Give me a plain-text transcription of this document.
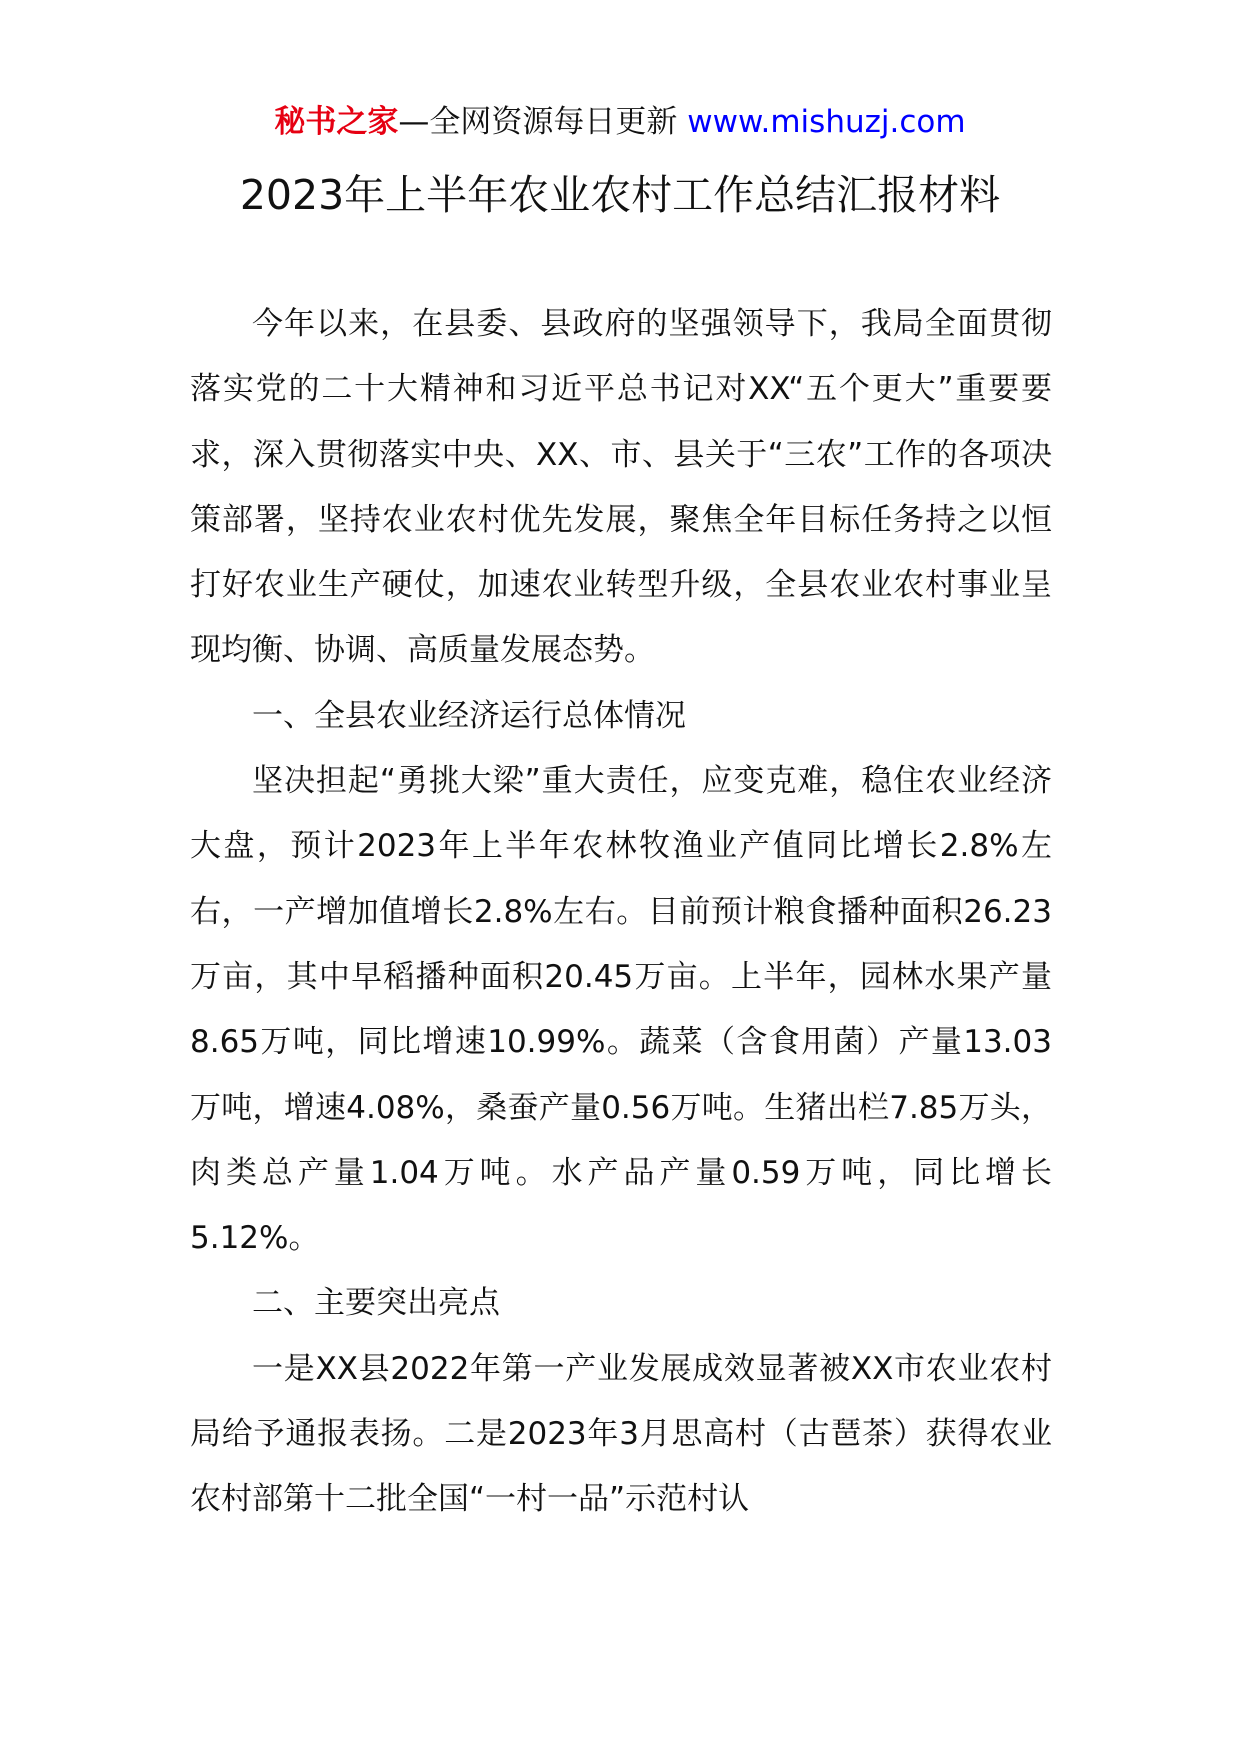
秘书之家—全网资源每日更新 www.mishuzj.com
2023年上半年农业农村工作总结汇报材料

今年以来，在县委、县政府的坚强领导下，我局全面贯彻落实党的二十大精神和习近平总书记对XX“五个更大”重要要求，深入贯彻落实中央、XX、市、县关于“三农”工作的各项决策部署，坚持农业农村优先发展，聚焦全年目标任务持之以恒打好农业生产硬仗，加速农业转型升级，全县农业农村事业呈现均衡、协调、高质量发展态势。

一、全县农业经济运行总体情况

坚决担起“勇挑大梁”重大责任，应变克难，稳住农业经济大盘，预计2023年上半年农林牧渔业产值同比增长2.8%左右，一产增加值增长2.8%左右。目前预计粮食播种面积26.23万亩，其中早稻播种面积20.45万亩。上半年，园林水果产量8.65万吨，同比增速10.99%。蔬菜（含食用菌）产量13.03万吨，增速4.08%，桑蚕产量0.56万吨。生猪出栏7.85万头，肉类总产量1.04万吨。水产品产量0.59万吨，同比增长5.12%。

二、主要突出亮点

一是XX县2022年第一产业发展成效显著被XX市农业农村局给予通报表扬。二是2023年3月思高村（古琶茶）获得农业农村部第十二批全国“一村一品”示范村认
